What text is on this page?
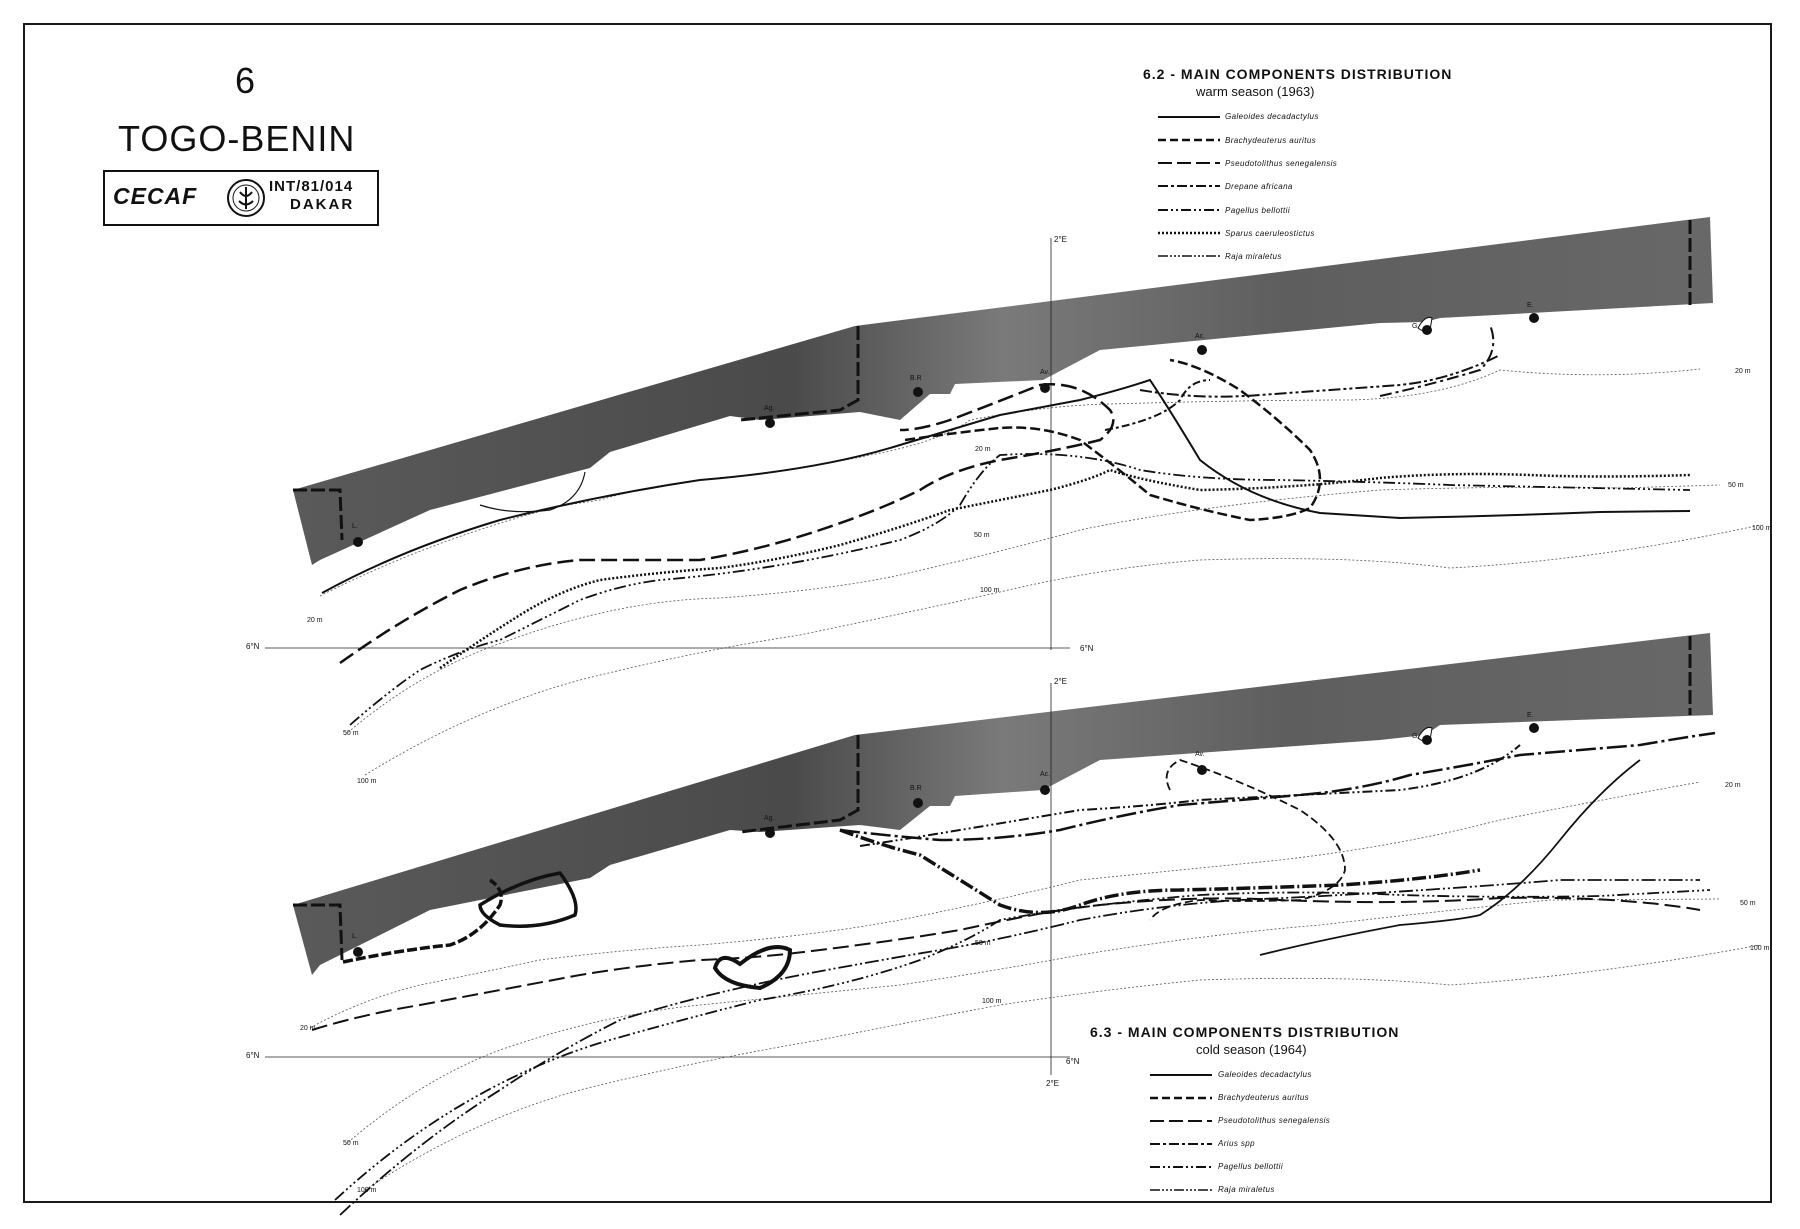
6
TOGO-BENIN
CECAF	INT/81/014
DAKAR
6.2 - MAIN COMPONENTS DISTRIBUTION
warm season (1963)
Galeoides decadactylus
Brachydeuterus auritus
Pseudotolithus senegalensis
Drepane africana
Pagellus bellottii
Sparus caeruleostictus
Raja miraletus
6.3 - MAIN COMPONENTS DISTRIBUTION
cold season (1964)
Galeoides decadactylus
Brachydeuterus auritus
Pseudotolithus senegalensis
Arius spp
Pagellus bellottii
Raja miraletus
L.
Ag.
B.R
Av.
Ac.
G.
E.
2°E
6°N	6°N
20 m
50 m
100 m
20 m
50 m
100 m
20 m
50 m
100 m
L.
Ag.
B.R
Ac.
Av.
G.
E.
2°E
2°E
6°N
6°N
20 m
50 m
100 m
20 m
50 m
100 m
50 m
100 m
